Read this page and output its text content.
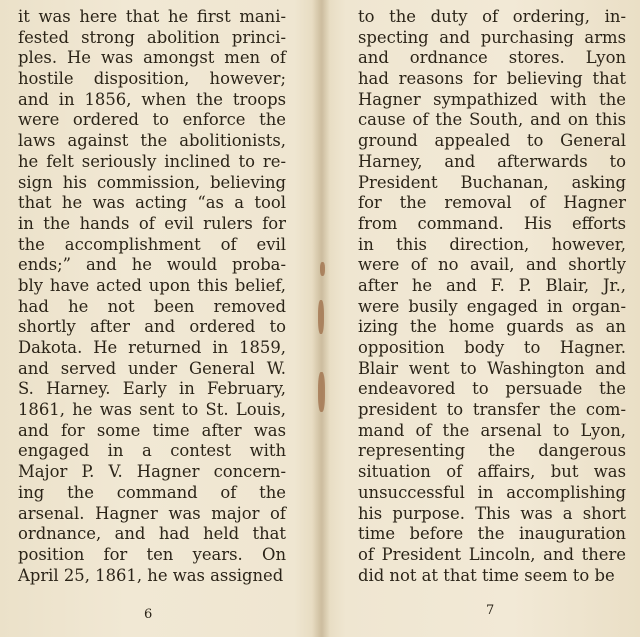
it was here that he first mani-
fested strong abolition princi-
ples. He was amongst men of
hostile disposition, however;
and in 1856, when the troops
were ordered to enforce the
laws against the abolitionists,
he felt seriously inclined to re-
sign his commission, believing
that he was acting “as a tool
in the hands of evil rulers for
the accomplishment of evil
ends;” and he would proba-
bly have acted upon this belief,
had he not been removed
shortly after and ordered to
Dakota. He returned in 1859,
and served under General W.
S. Harney. Early in February,
1861, he was sent to St. Louis,
and for some time after was
engaged in a contest with
Major P. V. Hagner concern-
ing the command of the
arsenal. Hagner was major of
ordnance, and had held that
position for ten years. On
April 25, 1861, he was assigned
6
to the duty of ordering, in-
specting and purchasing arms
and ordnance stores. Lyon
had reasons for believing that
Hagner sympathized with the
cause of the South, and on this
ground appealed to General
Harney, and afterwards to
President Buchanan, asking
for the removal of Hagner
from command. His efforts
in this direction, however,
were of no avail, and shortly
after he and F. P. Blair, Jr.,
were busily engaged in organ-
izing the home guards as an
opposition body to Hagner.
Blair went to Washington and
endeavored to persuade the
president to transfer the com-
mand of the arsenal to Lyon,
representing the dangerous
situation of affairs, but was
unsuccessful in accomplishing
his purpose. This was a short
time before the inauguration
of President Lincoln, and there
did not at that time seem to be
7
